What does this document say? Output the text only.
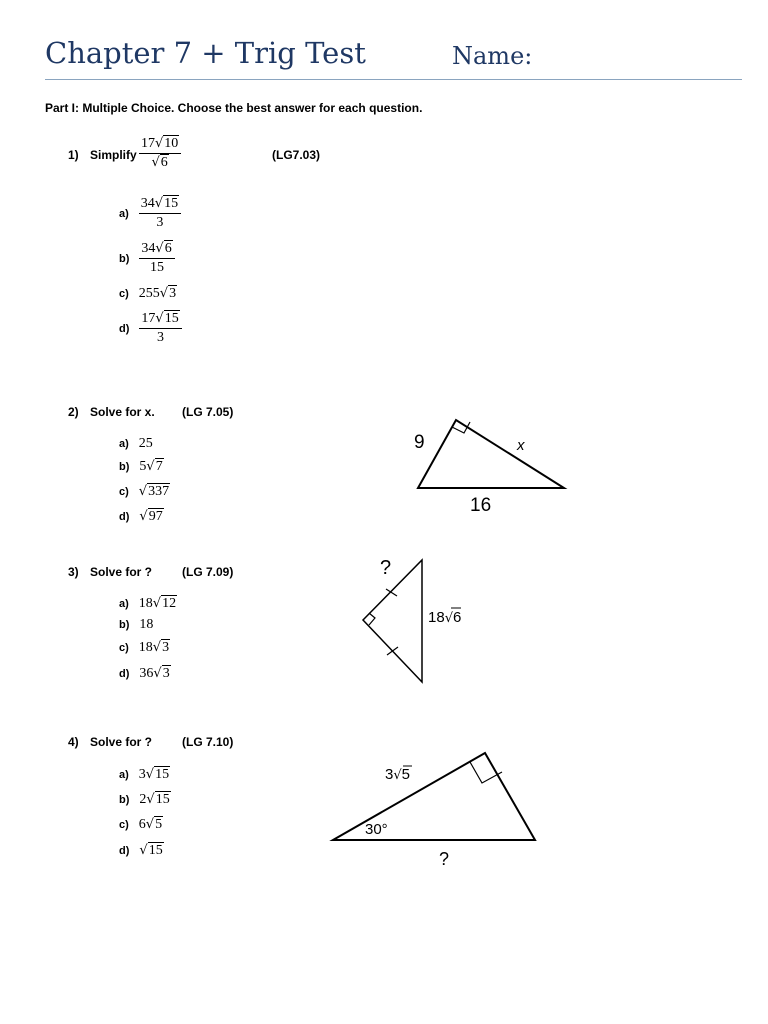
Chapter 7 + Trig Test	Name:
Part I: Multiple Choice. Choose the best answer for each question.
1) Simplify $\frac{17√10}{√6}$	(LG7.03)
$a) \frac{34√15}{3}$
$b) \frac{34√6}{15}$
c) 255√3
$d) \frac{17√15}{3}$
2) Solve for x. (LG 7.05)
a) 25
b) 5√7
c) √337
d) √97
9	x
16
3) Solve for ? (LG 7.09)
a) 18√12
b) 18
c) 18√3
d) 36√3
?
18√6
4) Solve for ? (LG 7.10)
a) 3√15
b) 2√15
c) 6√5
d) √15
3√5
30°
?
